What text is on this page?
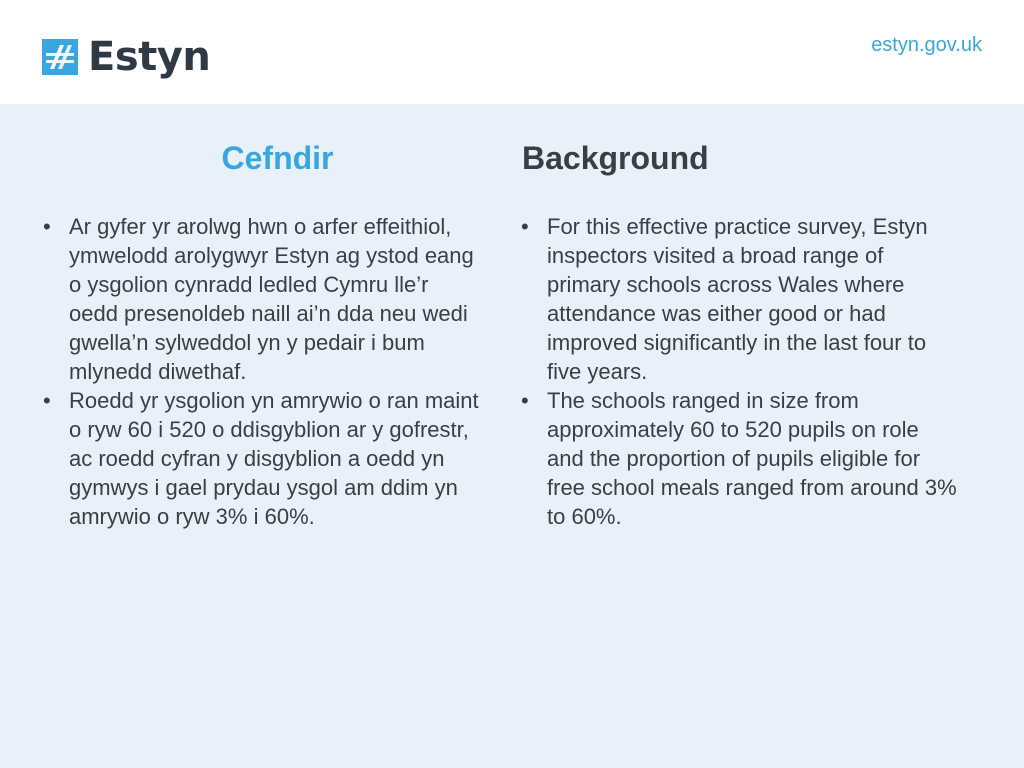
Estyn	estyn.gov.uk
Cefndir
• Ar gyfer yr arolwg hwn o arfer effeithiol, ymwelodd arolygwyr Estyn ag ystod eang o ysgolion cynradd ledled Cymru lle’r oedd presenoldeb naill ai’n dda neu wedi gwella’n sylweddol yn y pedair i bum mlynedd diwethaf.
• Roedd yr ysgolion yn amrywio o ran maint o ryw 60 i 520 o ddisgyblion ar y gofrestr, ac roedd cyfran y disgyblion a oedd yn gymwys i gael prydau ysgol am ddim yn amrywio o ryw 3% i 60%.
Background
• For this effective practice survey, Estyn inspectors visited a broad range of primary schools across Wales where attendance was either good or had improved significantly in the last four to five years.
• The schools ranged in size from approximately 60 to 520 pupils on role and the proportion of pupils eligible for free school meals ranged from around 3% to 60%.
